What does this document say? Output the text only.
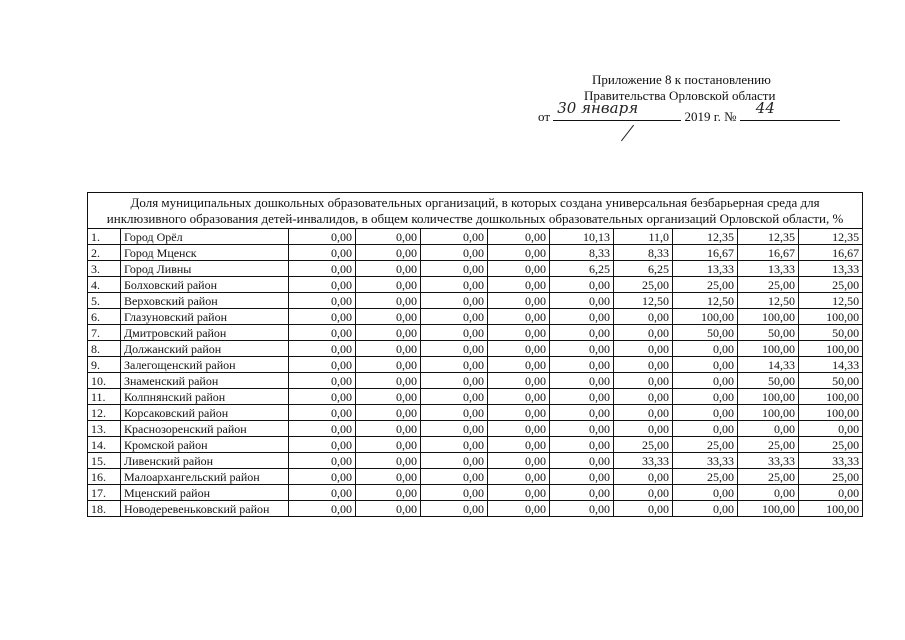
Приложение 8 к постановлению
Правительства Орловской области
от 30 января	2019 г. № 44
Доля муниципальных дошкольных образовательных организаций, в которых создана универсальная безбарьерная среда для инклюзивного образования детей-инвалидов, в общем количестве дошкольных образовательных организаций Орловской области, %										
1.	Город Орёл	0,00	0,00	0,00	0,00	10,13	11,0	12,35	12,35	12,35
2.	Город Мценск	0,00	0,00	0,00	0,00	8,33	8,33	16,67	16,67	16,67
3.	Город Ливны	0,00	0,00	0,00	0,00	6,25	6,25	13,33	13,33	13,33
4.	Болховский район	0,00	0,00	0,00	0,00	0,00	25,00	25,00	25,00	25,00
5.	Верховский район	0,00	0,00	0,00	0,00	0,00	12,50	12,50	12,50	12,50
6.	Глазуновский район	0,00	0,00	0,00	0,00	0,00	0,00	100,00	100,00	100,00
7.	Дмитровский район	0,00	0,00	0,00	0,00	0,00	0,00	50,00	50,00	50,00
8.	Должанский район	0,00	0,00	0,00	0,00	0,00	0,00	0,00	100,00	100,00
9.	Залегощенский район	0,00	0,00	0,00	0,00	0,00	0,00	0,00	14,33	14,33
10.	Знаменский район	0,00	0,00	0,00	0,00	0,00	0,00	0,00	50,00	50,00
11.	Колпнянский район	0,00	0,00	0,00	0,00	0,00	0,00	0,00	100,00	100,00
12.	Корсаковский район	0,00	0,00	0,00	0,00	0,00	0,00	0,00	100,00	100,00
13.	Краснозоренский район	0,00	0,00	0,00	0,00	0,00	0,00	0,00	0,00	0,00
14.	Кромской район	0,00	0,00	0,00	0,00	0,00	25,00	25,00	25,00	25,00
15.	Ливенский район	0,00	0,00	0,00	0,00	0,00	33,33	33,33	33,33	33,33
16.	Малоархангельский район	0,00	0,00	0,00	0,00	0,00	0,00	25,00	25,00	25,00
17.	Мценский район	0,00	0,00	0,00	0,00	0,00	0,00	0,00	0,00	0,00
18.	Новодеревеньковский район	0,00	0,00	0,00	0,00	0,00	0,00	0,00	100,00	100,00
